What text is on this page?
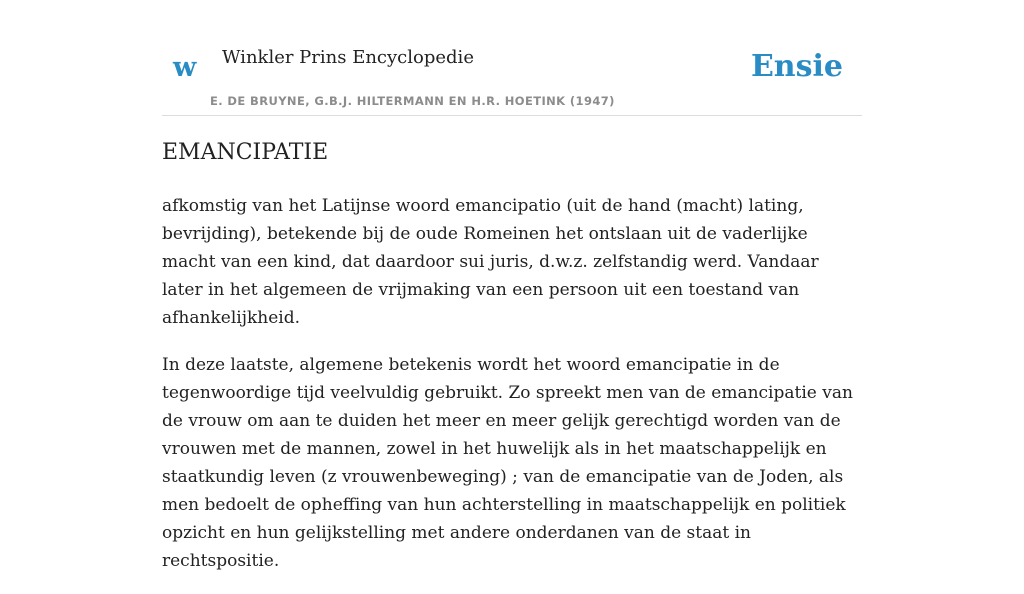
w Winkler Prins Encyclopedie
E. DE BRUYNE, G.B.J. HILTERMANN EN H.R. HOETINK (1947)
Ensie
EMANCIPATIE

afkomstig van het Latijnse woord emancipatio (uit de hand (macht) lating, bevrijding), betekende bij de oude Romeinen het ontslaan uit de vaderlijke macht van een kind, dat daardoor sui juris, d.w.z. zelfstandig werd. Vandaar later in het algemeen de vrijmaking van een persoon uit een toestand van afhankelijkheid.

In deze laatste, algemene betekenis wordt het woord emancipatie in de tegenwoordige tijd veelvuldig gebruikt. Zo spreekt men van de emancipatie van de vrouw om aan te duiden het meer en meer gelijk gerechtigd worden van de vrouwen met de mannen, zowel in het huwelijk als in het maatschappelijk en staatkundig leven (z vrouwenbeweging) ; van de emancipatie van de Joden, als men bedoelt de opheffing van hun achterstelling in maatschappelijk en politiek opzicht en hun gelijkstelling met andere onderdanen van de staat in rechtspositie.
